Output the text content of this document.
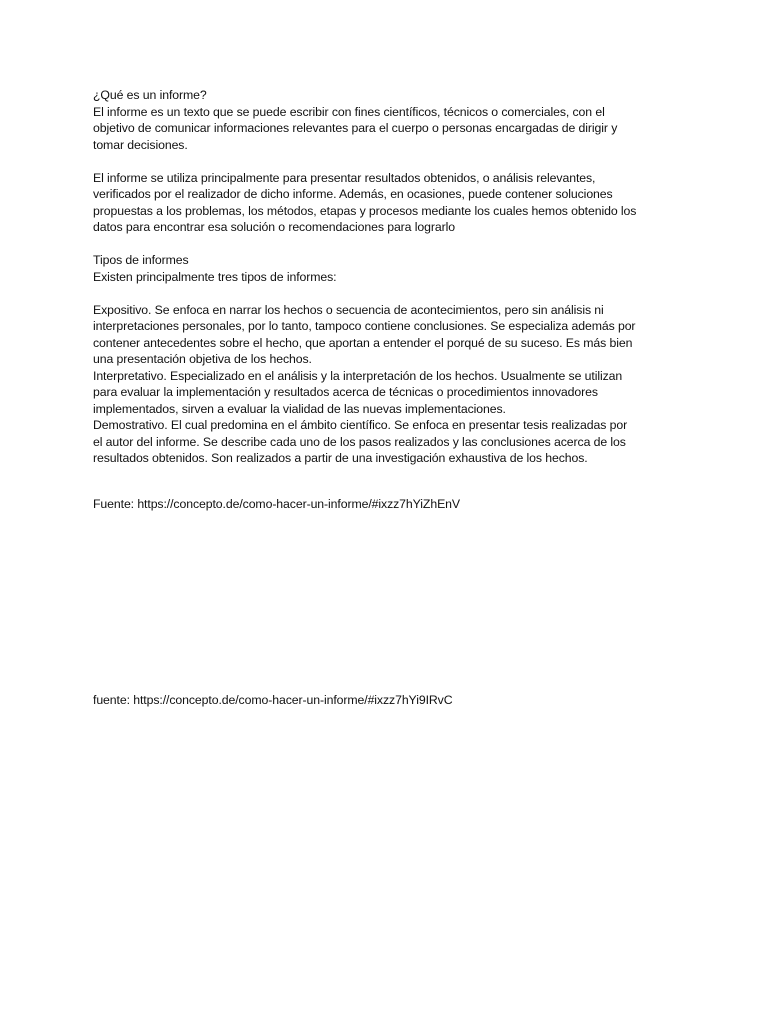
¿Qué es un informe?
El informe es un texto que se puede escribir con fines científicos, técnicos o comerciales, con el
objetivo de comunicar informaciones relevantes para el cuerpo o personas encargadas de dirigir y
tomar decisiones.
El informe se utiliza principalmente para presentar resultados obtenidos, o análisis relevantes,
verificados por el realizador de dicho informe. Además, en ocasiones, puede contener soluciones
propuestas a los problemas, los métodos, etapas y procesos mediante los cuales hemos obtenido los
datos para encontrar esa solución o recomendaciones para lograrlo
Tipos de informes
Existen principalmente tres tipos de informes:
Expositivo. Se enfoca en narrar los hechos o secuencia de acontecimientos, pero sin análisis ni
interpretaciones personales, por lo tanto, tampoco contiene conclusiones. Se especializa además por
contener antecedentes sobre el hecho, que aportan a entender el porqué de su suceso. Es más bien
una presentación objetiva de los hechos.
Interpretativo. Especializado en el análisis y la interpretación de los hechos. Usualmente se utilizan
para evaluar la implementación y resultados acerca de técnicas o procedimientos innovadores
implementados, sirven a evaluar la vialidad de las nuevas implementaciones.
Demostrativo. El cual predomina en el ámbito científico. Se enfoca en presentar tesis realizadas por
el autor del informe. Se describe cada uno de los pasos realizados y las conclusiones acerca de los
resultados obtenidos. Son realizados a partir de una investigación exhaustiva de los hechos.
Fuente: https://concepto.de/como-hacer-un-informe/#ixzz7hYiZhEnV
fuente: https://concepto.de/como-hacer-un-informe/#ixzz7hYi9IRvC
